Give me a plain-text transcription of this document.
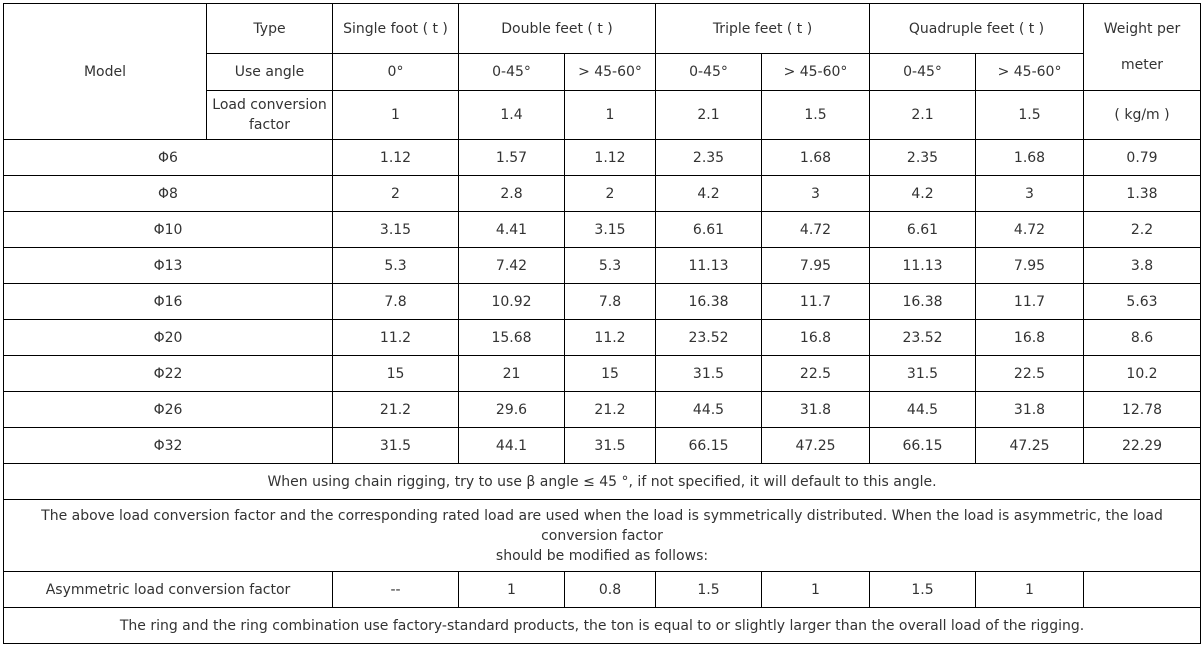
Model	Type	Single foot ( t )	Double feet ( t )		Triple feet ( t )		Quadruple feet ( t )		Weight per
meter
	Use angle	0°	0-45°	> 45-60°	0-45°	> 45-60°	0-45°	> 45-60°	
	Load conversion factor	1	1.4	1	2.1	1.5	2.1	1.5	( kg/m )
Φ6		1.12	1.57	1.12	2.35	1.68	2.35	1.68	0.79
Φ8		2	2.8	2	4.2	3	4.2	3	1.38
Φ10		3.15	4.41	3.15	6.61	4.72	6.61	4.72	2.2
Φ13		5.3	7.42	5.3	11.13	7.95	11.13	7.95	3.8
Φ16		7.8	10.92	7.8	16.38	11.7	16.38	11.7	5.63
Φ20		11.2	15.68	11.2	23.52	16.8	23.52	16.8	8.6
Φ22		15	21	15	31.5	22.5	31.5	22.5	10.2
Φ26		21.2	29.6	21.2	44.5	31.8	44.5	31.8	12.78
Φ32		31.5	44.1	31.5	66.15	47.25	66.15	47.25	22.29
When using chain rigging, try to use β angle ≤ 45 °, if not specified, it will default to this angle.									
The above load conversion factor and the corresponding rated load are used when the load is symmetrically distributed. When the load is asymmetric, the load conversion factor
should be modified as follows:									
Asymmetric load conversion factor		--	1	0.8	1.5	1	1.5	1	
The ring and the ring combination use factory-standard products, the ton is equal to or slightly larger than the overall load of the rigging.									
